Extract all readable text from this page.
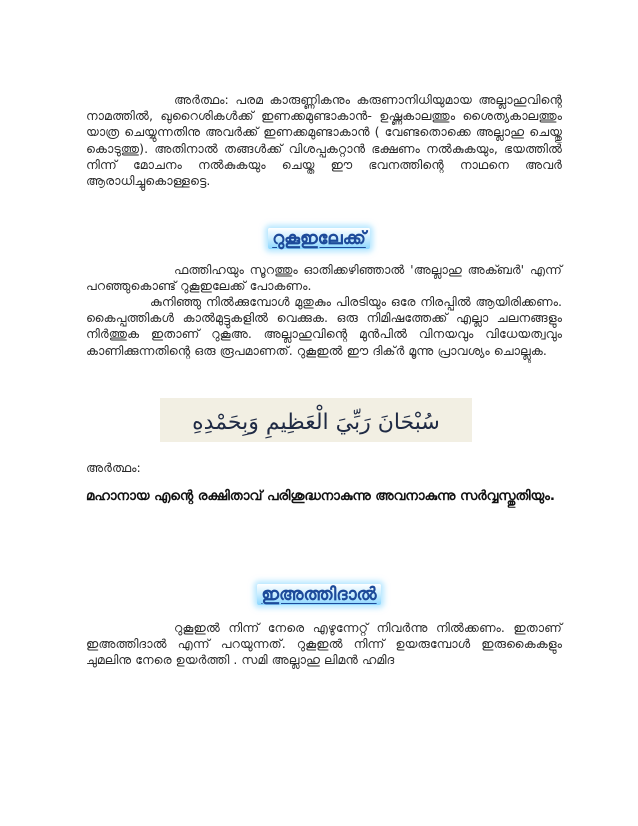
അർത്ഥം: പരമ കാരുണ്ണികനും കരുണാനിധിയുമായ അല്ലാഹുവിന്റെ നാമത്തിൽ, ഖുറൈശികൾക്ക് ഇണക്കമുണ്ടാകാൻ- ഉഷ്ണകാലത്തും ശൈത്യകാലത്തും യാത്ര ചെയ്യുന്നതിനു അവർക്ക് ഇണക്കമുണ്ടാകാൻ ( വേണ്ടതൊക്കെ അല്ലാഹു ചെയ്തു കൊടുത്തു). അതിനാൽ തങ്ങൾക്ക് വിശപ്പകറ്റാൻ ഭക്ഷണം നൽകുകയും, ഭയത്തിൽ നിന്ന് മോചനം നൽകുകയും ചെയ്ത ഈ ഭവനത്തിന്റെ നാഥനെ അവർ ആരാധിച്ചുകൊള്ളട്ടെ.

റുകൂഇലേക്ക്

ഫത്തിഹയും സൂറത്തും ഓതിക്കഴിഞ്ഞാൽ 'അല്ലാഹു അക്ബർ' എന്ന് പറഞ്ഞുകൊണ്ട് റുകൂഇലേക്ക് പോകണം.

കുനിഞ്ഞു നിൽക്കുമ്പോൾ മുതുകും പിരടിയും ഒരേ നിരപ്പിൽ ആയിരിക്കണം. കൈപ്പത്തികൾ കാൽമുട്ടുകളിൽ വെക്കുക. ഒരു നിമിഷത്തേക്ക് എല്ലാ ചലനങ്ങളും നിർത്തുക ഇതാണ് റുകൂഅ. അല്ലാഹുവിന്റെ മുൻപിൽ വിനയവും വിധേയത്വവും കാണിക്കുന്നതിന്റെ ഒരു രൂപമാണത്. റുകൂഇൽ ഈ ദിക്ർ മൂന്നു പ്രാവശ്യം ചൊല്ലുക.

سُبْحَانَ رَبِّيَ الْعَظِيمِ وَبِحَمْدِهِ

അർത്ഥം:

മഹാനായ എന്റെ രക്ഷിതാവ് പരിശുദ്ധനാകുന്നു അവനാകുന്നു സർവ്വസ്തുതിയും.

ഇഅത്തിദാൽ

റുകൂഇൽ നിന്ന് നേരെ എഴുന്നേറ്റ് നിവർന്നു നിൽക്കണം. ഇതാണ് ഇഅത്തിദാൽ എന്ന് പറയുന്നത്. റുകൂഇൽ നിന്ന് ഉയരുമ്പോൾ ഇരുകൈകളും ചുമലിനു നേരെ ഉയർത്തി . സമി അല്ലാഹു ലിമൻ ഹമിദ
